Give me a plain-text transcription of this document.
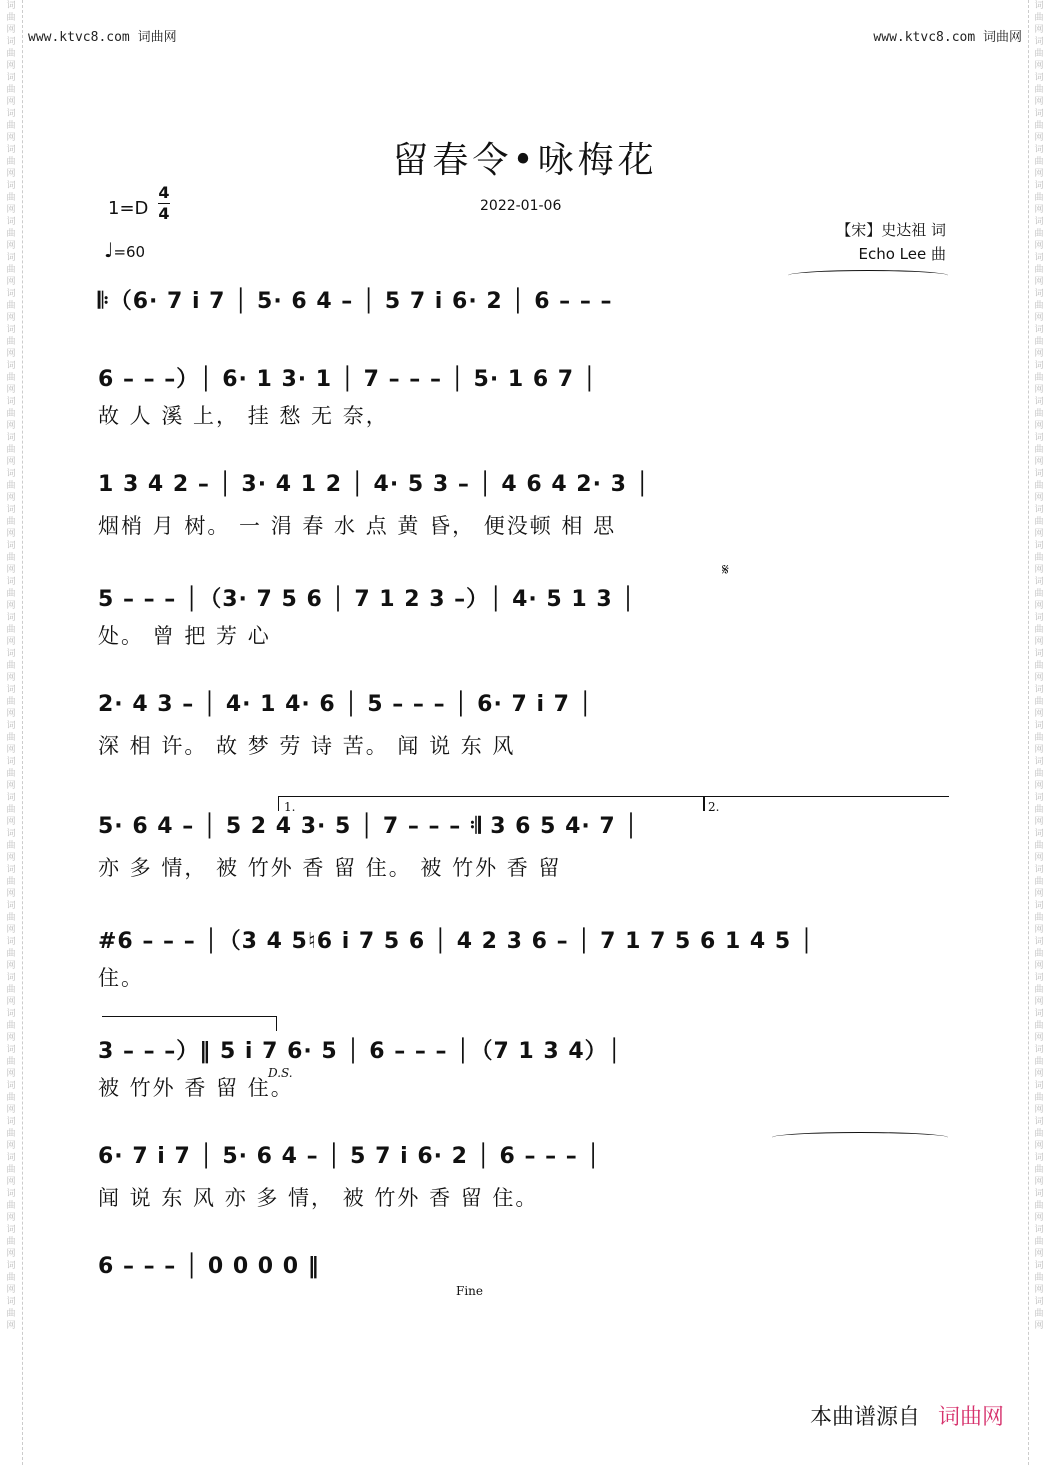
词曲网词曲网词曲网词曲网词曲网词曲网词曲网词曲网词曲网词曲网词曲网词曲网词曲网词曲网词曲网词曲网词曲网词曲网词曲网词曲网词曲网词曲网词曲网词曲网词曲网词曲网词曲网词曲网词曲网词曲网词曲网词曲网词曲网词曲网词曲网词曲网词曲网
词曲网词曲网词曲网词曲网词曲网词曲网词曲网词曲网词曲网词曲网词曲网词曲网词曲网词曲网词曲网词曲网词曲网词曲网词曲网词曲网词曲网词曲网词曲网词曲网词曲网词曲网词曲网词曲网词曲网词曲网词曲网词曲网词曲网词曲网词曲网词曲网词曲网
www.ktvc8.com 词曲网	www.ktvc8.com 词曲网
留春令•咏梅花
2022-01-06
1=D
4
4
♩=60
【宋】史达祖 词
Echo Lee 曲
𝄆（6· 7 i 7 │ 5· 6 4 – │ 5 7 i 6· 2 │ 6 – – –
6 – – –）│ 6· 1 3· 1 │ 7 – – – │ 5· 1 6 7 │
故 人 溪 上， 挂 愁 无 奈，
1 3 4 2 – │ 3· 4 1 2 │ 4· 5 3 – │ 4 6 4 2· 3 │
烟梢 月 树。 一 涓 春 水 点 黄 昏， 便没顿 相 思
5 – – – │（3· 7 5 6 │ 7 1 2 3 –）│ 4· 5 1 3 │
处。 曾 把 芳 心
𝄋
2· 4 3 – │ 4· 1 4· 6 │ 5 – – – │ 6· 7 i 7 │
深 相 许。 故 梦 劳 诗 苦。 闻 说 东 风
1.	2.
5· 6 4 – │ 5 2 4 3· 5 │ 7 – – – 𝄇 3 6 5 4· 7 │
亦 多 情， 被 竹外 香 留 住。 被 竹外 香 留
#6 – – – │（3 4 5♮6 i 7 5 6 │ 4 2 3 6 – │ 7 1 7 5 6 1 4 5 │
住。
3 – – –）‖ 5 i 7 6· 5 │ 6 – – – │（7 1 3 4）│
被 竹外 香 留 住。
D.S.
6· 7 i 7 │ 5· 6 4 – │ 5 7 i 6· 2 │ 6 – – – │
闻 说 东 风 亦 多 情， 被 竹外 香 留 住。
6 – – – │ 0 0 0 0 ‖
Fine
本曲谱源自 词曲网
